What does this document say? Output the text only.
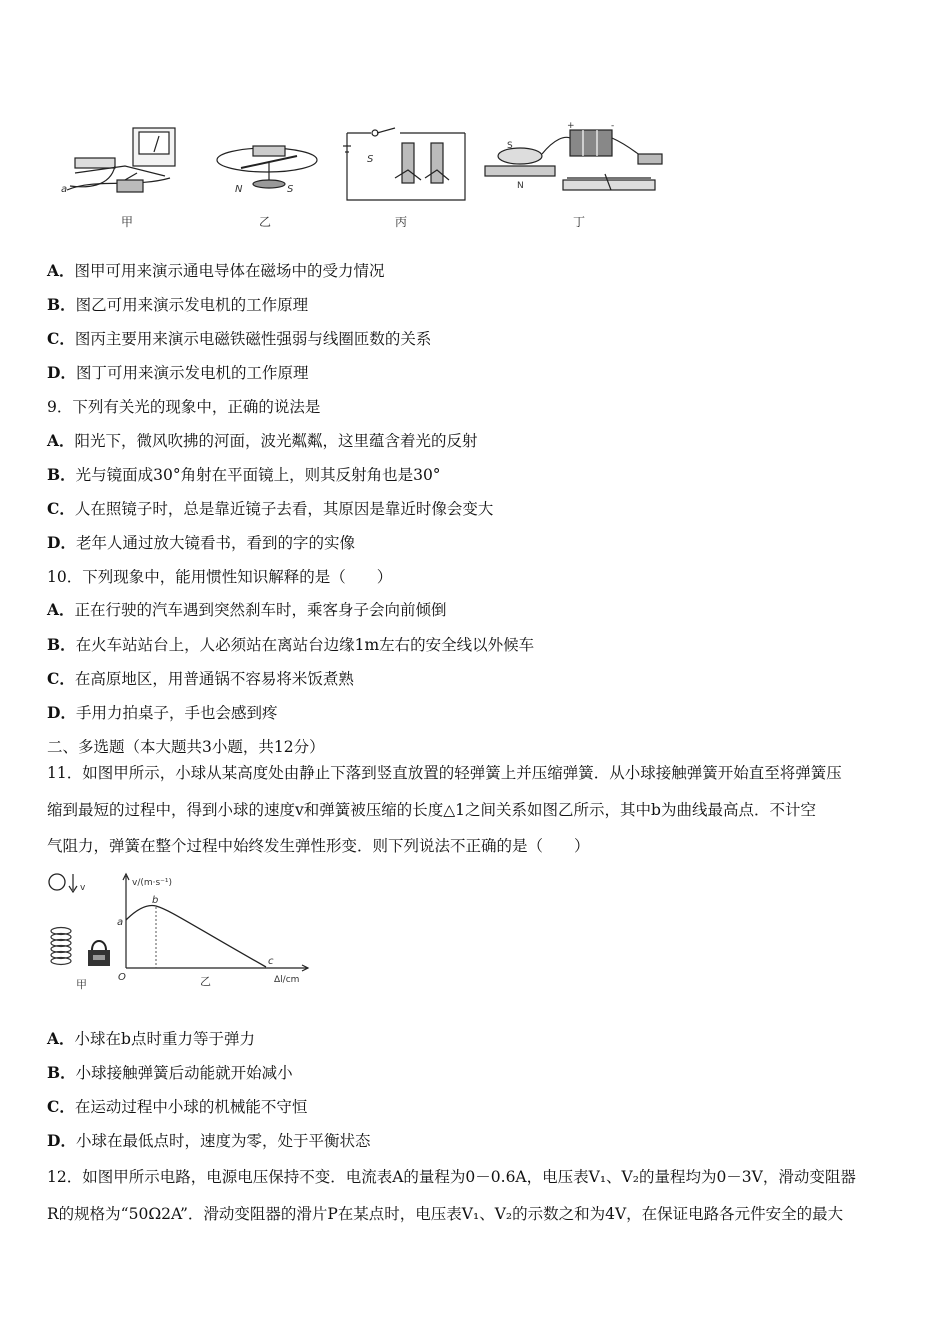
a	N	S
S
S
N
+	-
甲	乙	丙	丁
A．图甲可用来演示通电导体在磁场中的受力情况
B．图乙可用来演示发电机的工作原理
C．图丙主要用来演示电磁铁磁性强弱与线圈匝数的关系
D．图丁可用来演示发电机的工作原理
9．下列有关光的现象中，正确的说法是
A．阳光下，微风吹拂的河面，波光粼粼，这里蕴含着光的反射
B．光与镜面成30°角射在平面镜上，则其反射角也是30°
C．人在照镜子时，总是靠近镜子去看，其原因是靠近时像会变大
D．老年人通过放大镜看书，看到的字的实像
10．下列现象中，能用惯性知识解释的是（　　）
A．正在行驶的汽车遇到突然刹车时，乘客身子会向前倾倒
B．在火车站站台上，人必须站在离站台边缘1m左右的安全线以外候车
C．在高原地区，用普通锅不容易将米饭煮熟
D．手用力拍桌子，手也会感到疼
二、多选题（本大题共3小题，共12分）
11．如图甲所示，小球从某高度处由静止下落到竖直放置的轻弹簧上并压缩弹簧．从小球接触弹簧开始直至将弹簧压
缩到最短的过程中，得到小球的速度v和弹簧被压缩的长度△1之间关系如图乙所示，其中b为曲线最高点．不计空
气阻力，弹簧在整个过程中始终发生弹性形变．则下列说法不正确的是（　　）
v	v/(m·s⁻¹)
Δl/cm
O
a
b
c
甲	乙
A．小球在b点时重力等于弹力
B．小球接触弹簧后动能就开始减小
C．在运动过程中小球的机械能不守恒
D．小球在最低点时，速度为零，处于平衡状态
12．如图甲所示电路，电源电压保持不变．电流表A的量程为0－0.6A，电压表V₁、V₂的量程均为0－3V，滑动变阻器
R的规格为“50Ω2A”．滑动变阻器的滑片P在某点时，电压表V₁、V₂的示数之和为4V，在保证电路各元件安全的最大
